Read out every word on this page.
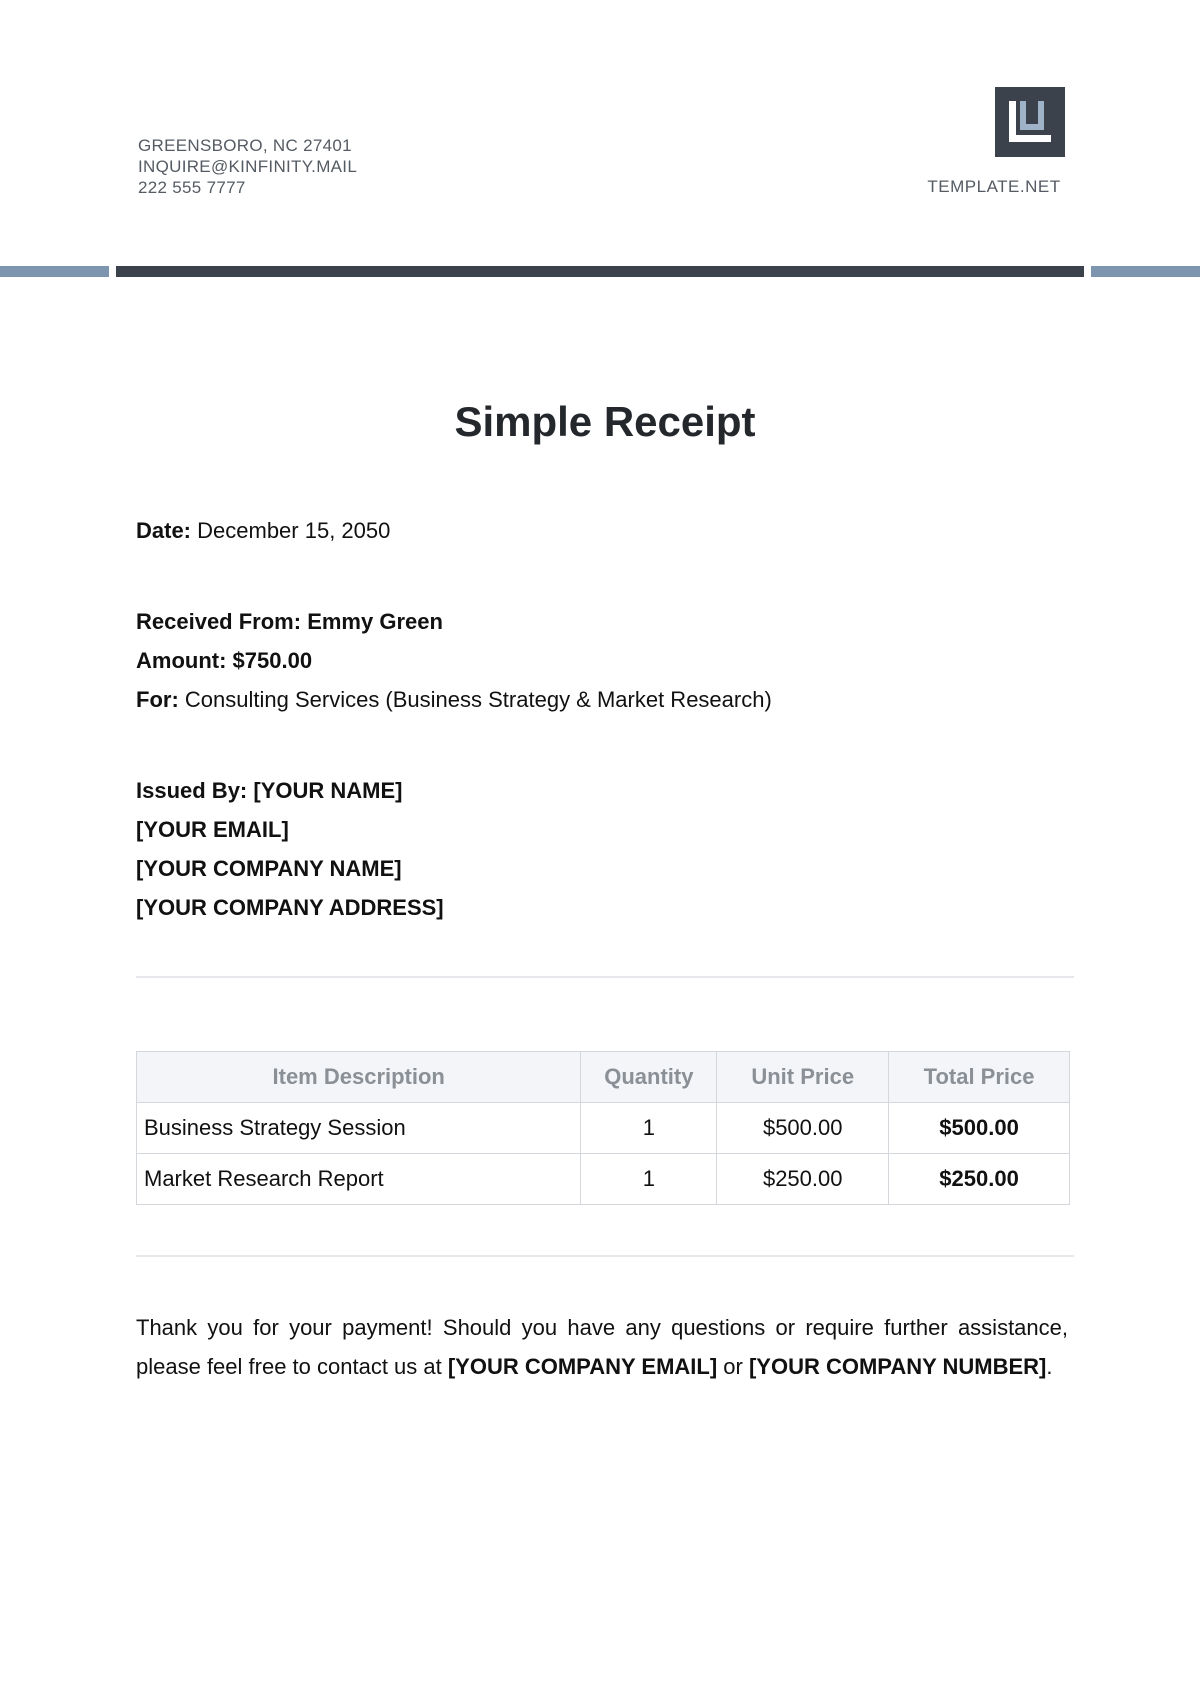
GREENSBORO, NC 27401
INQUIRE@KINFINITY.MAIL
222 555 7777	TEMPLATE.NET
Simple Receipt
Date: December 15, 2050
Received From: Emmy Green
Amount: $750.00
For: Consulting Services (Business Strategy & Market Research)
Issued By: [YOUR NAME]
[YOUR EMAIL]
[YOUR COMPANY NAME]
[YOUR COMPANY ADDRESS]
Item Description	Quantity	Unit Price	Total Price
Business Strategy Session	1	$500.00	$500.00
Market Research Report	1	$250.00	$250.00

Thank you for your payment! Should you have any questions or require further assistance, please feel free to contact us at [YOUR COMPANY EMAIL] or [YOUR COMPANY NUMBER].
